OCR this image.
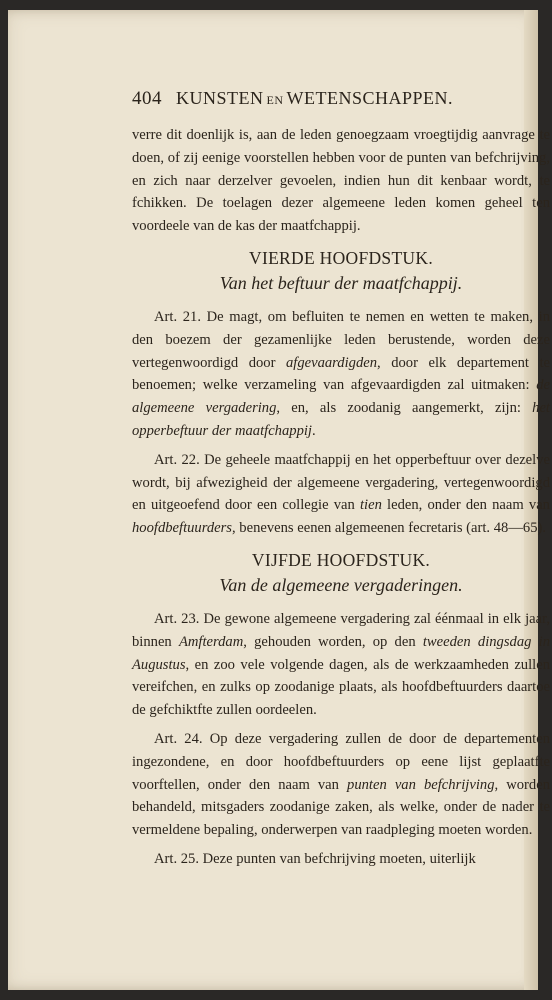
404 KUNSTEN EN WETENSCHAPPEN.

verre dit doenlijk is, aan de leden genoegzaam vroegtijdig aanvrage te doen, of zij eenige voorstellen hebben voor de punten van befchrijving, en zich naar derzelver gevoelen, indien hun dit kenbaar wordt, te fchikken. De toelagen dezer algemeene leden komen geheel ten voordeele van de kas der maatfchappij.

VIERDE HOOFDSTUK.
Van het beftuur der maatfchappij.

Art. 21. De magt, om befluiten te nemen en wetten te maken, in den boezem der gezamenlijke leden berustende, worden deze vertegenwoordigd door afgevaardigden, door elk departement te benoemen; welke verzameling van afgevaardigden zal uitmaken: de algemeene vergadering, en, als zoodanig aangemerkt, zijn: het opperbeftuur der maatfchappij.

Art. 22. De geheele maatfchappij en het opperbeftuur over dezelve wordt, bij afwezigheid der algemeene vergadering, vertegenwoordigd en uitgeoefend door een collegie van tien leden, onder den naam van hoofdbeftuurders, benevens eenen algemeenen fecretaris (art. 48—65).

VIJFDE HOOFDSTUK.
Van de algemeene vergaderingen.

Art. 23. De gewone algemeene vergadering zal éénmaal in elk jaar, binnen Amfterdam, gehouden worden, op den tweeden dingsdag in Augustus, en zoo vele volgende dagen, als de werkzaamheden zullen vereifchen, en zulks op zoodanige plaats, als hoofdbeftuurders daartoe de gefchiktfte zullen oordeelen.

Art. 24. Op deze vergadering zullen de door de departementen ingezondene, en door hoofdbeftuurders op eene lijst geplaatfte voorftellen, onder den naam van punten van befchrijving, worden behandeld, mitsgaders zoodanige zaken, als welke, onder de nader te vermeldene bepaling, onderwerpen van raadpleging moeten worden.

Art. 25. Deze punten van befchrijving moeten, uiterlijk
